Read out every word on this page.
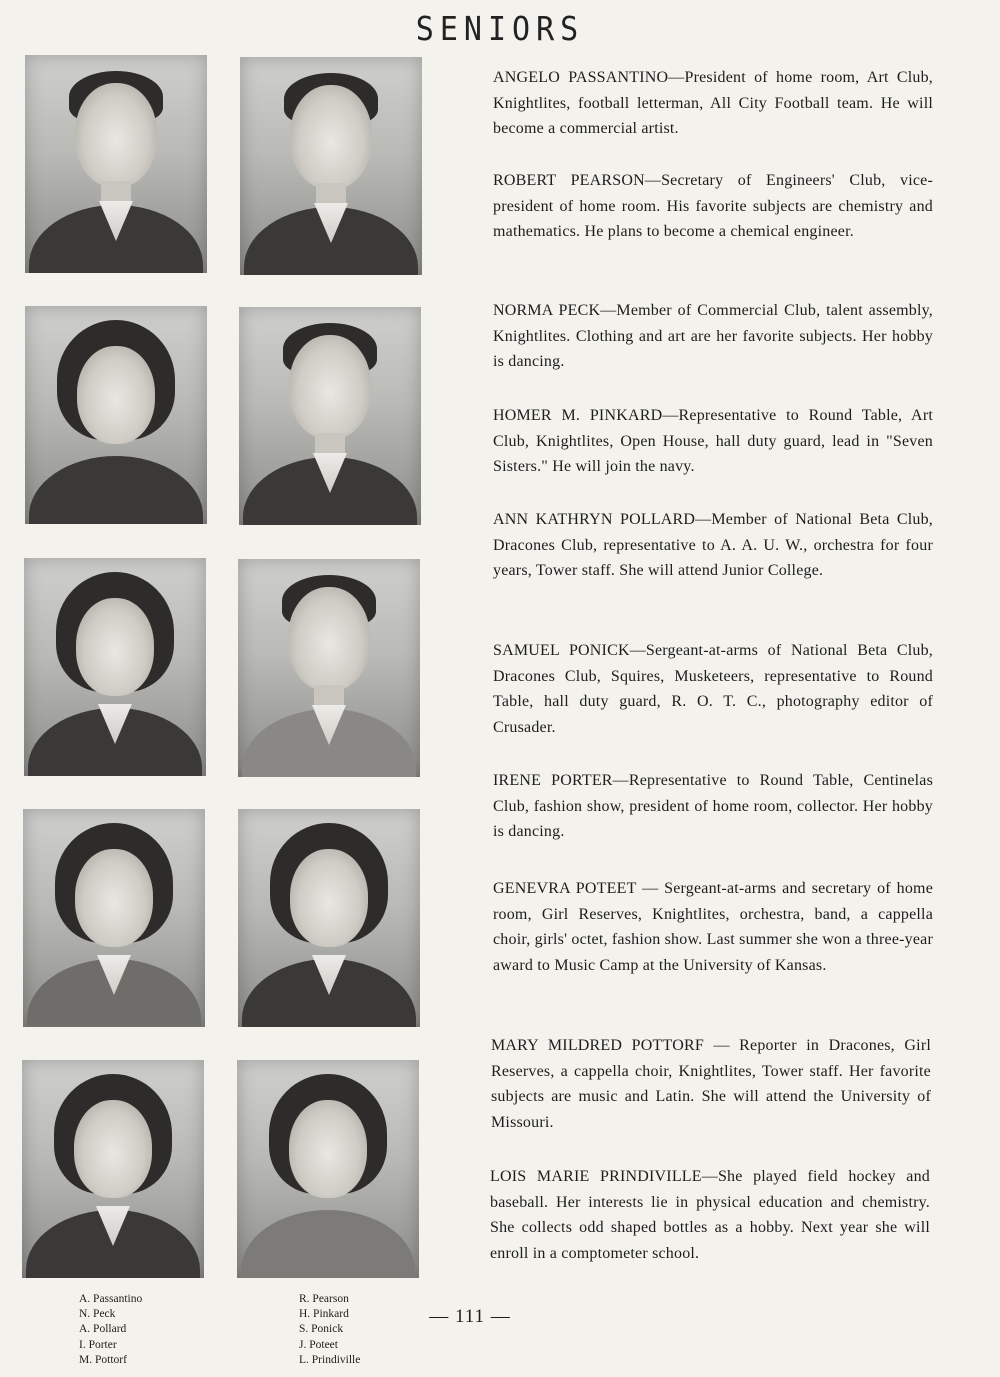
SENIORS

ANGELO PASSANTINO—President of home room, Art Club, Knightlites, football letterman, All City Football team. He will become a commercial artist.

ROBERT PEARSON—Secretary of Engineers' Club, vice-president of home room. His favorite subjects are chemistry and mathematics. He plans to become a chemical engineer.

NORMA PECK—Member of Commercial Club, talent assembly, Knightlites. Clothing and art are her favorite subjects. Her hobby is dancing.

HOMER M. PINKARD—Representative to Round Table, Art Club, Knightlites, Open House, hall duty guard, lead in "Seven Sisters." He will join the navy.

ANN KATHRYN POLLARD—Member of National Beta Club, Dracones Club, representative to A. A. U. W., orchestra for four years, Tower staff. She will attend Junior College.

SAMUEL PONICK—Sergeant-at-arms of National Beta Club, Dracones Club, Squires, Musketeers, representative to Round Table, hall duty guard, R. O. T. C., photography editor of Crusader.

IRENE PORTER—Representative to Round Table, Centinelas Club, fashion show, president of home room, collector. Her hobby is dancing.

GENEVRA POTEET — Sergeant-at-arms and secretary of home room, Girl Reserves, Knightlites, orchestra, band, a cappella choir, girls' octet, fashion show. Last summer she won a three-year award to Music Camp at the University of Kansas.

MARY MILDRED POTTORF — Reporter in Dracones, Girl Reserves, a cappella choir, Knightlites, Tower staff. Her favorite subjects are music and Latin. She will attend the University of Missouri.

LOIS MARIE PRINDIVILLE—She played field hockey and baseball. Her interests lie in physical education and chemistry. She collects odd shaped bottles as a hobby. Next year she will enroll in a comptometer school.

A. Passantino
N. Peck
A. Pollard
I. Porter
M. Pottorf
R. Pearson
H. Pinkard
S. Ponick
J. Poteet
L. Prindiville
— 111 —
